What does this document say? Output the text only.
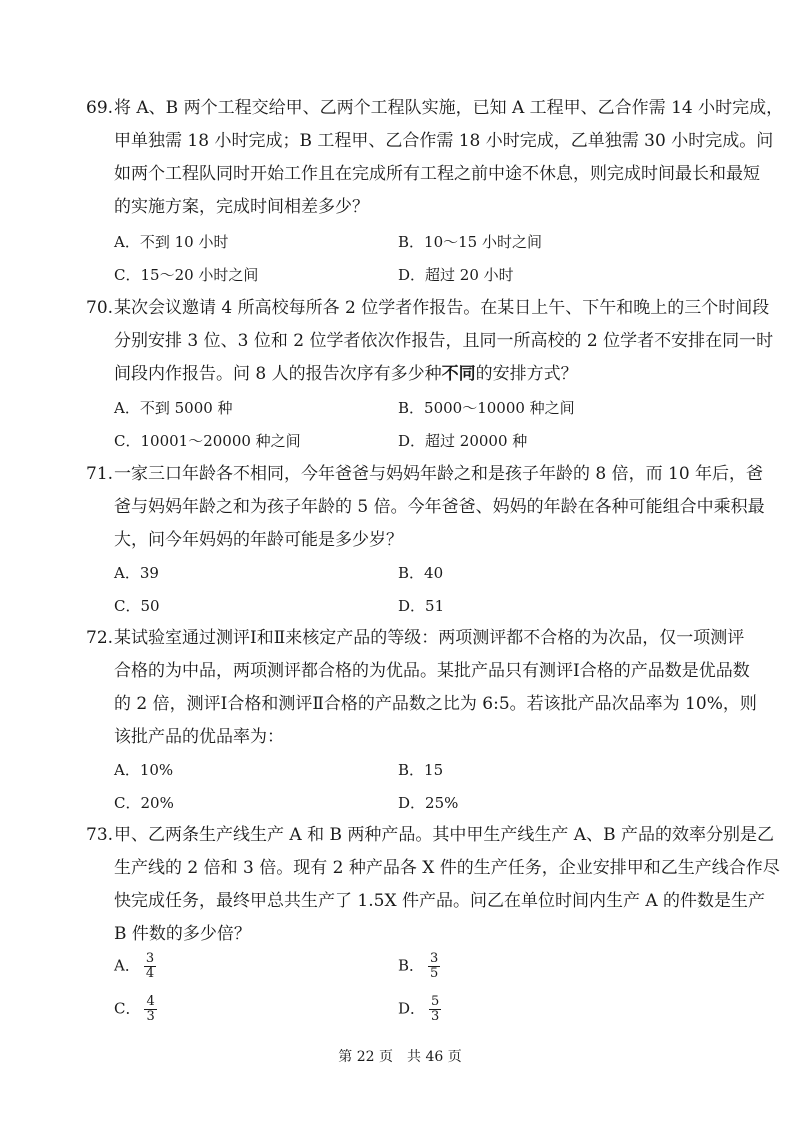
69.将 A、B 两个工程交给甲、乙两个工程队实施，已知 A 工程甲、乙合作需 14 小时完成，
甲单独需 18 小时完成；B 工程甲、乙合作需 18 小时完成，乙单独需 30 小时完成。问
如两个工程队同时开始工作且在完成所有工程之前中途不休息，则完成时间最长和最短
的实施方案，完成时间相差多少？
A．不到 10 小时	B．10～15 小时之间
C．15～20 小时之间	D．超过 20 小时
70.某次会议邀请 4 所高校每所各 2 位学者作报告。在某日上午、下午和晚上的三个时间段
分别安排 3 位、3 位和 2 位学者依次作报告，且同一所高校的 2 位学者不安排在同一时
间段内作报告。问 8 人的报告次序有多少种不同的安排方式？
A．不到 5000 种	B．5000～10000 种之间
C．10001～20000 种之间	D．超过 20000 种
71.一家三口年龄各不相同，今年爸爸与妈妈年龄之和是孩子年龄的 8 倍，而 10 年后，爸
爸与妈妈年龄之和为孩子年龄的 5 倍。今年爸爸、妈妈的年龄在各种可能组合中乘积最
大，问今年妈妈的年龄可能是多少岁？
A．39	B．40
C．50	D．51
72.某试验室通过测评Ⅰ和Ⅱ来核定产品的等级：两项测评都不合格的为次品，仅一项测评
合格的为中品，两项测评都合格的为优品。某批产品只有测评Ⅰ合格的产品数是优品数
的 2 倍，测评Ⅰ合格和测评Ⅱ合格的产品数之比为 6:5。若该批产品次品率为 10%，则
该批产品的优品率为：
A．10%	B．15
C．20%	D．25%
73.甲、乙两条生产线生产 A 和 B 两种产品。其中甲生产线生产 A、B 产品的效率分别是乙
生产线的 2 倍和 3 倍。现有 2 种产品各 X 件的生产任务，企业安排甲和乙生产线合作尽
快完成任务，最终甲总共生产了 1.5X 件产品。问乙在单位时间内生产 A 的件数是生产
B 件数的多少倍？
A． $\frac{3}{4}$	B． $\frac{3}{5}$
C． $\frac{4}{3}$	D． $\frac{5}{3}$
第 22 页　共 46 页
